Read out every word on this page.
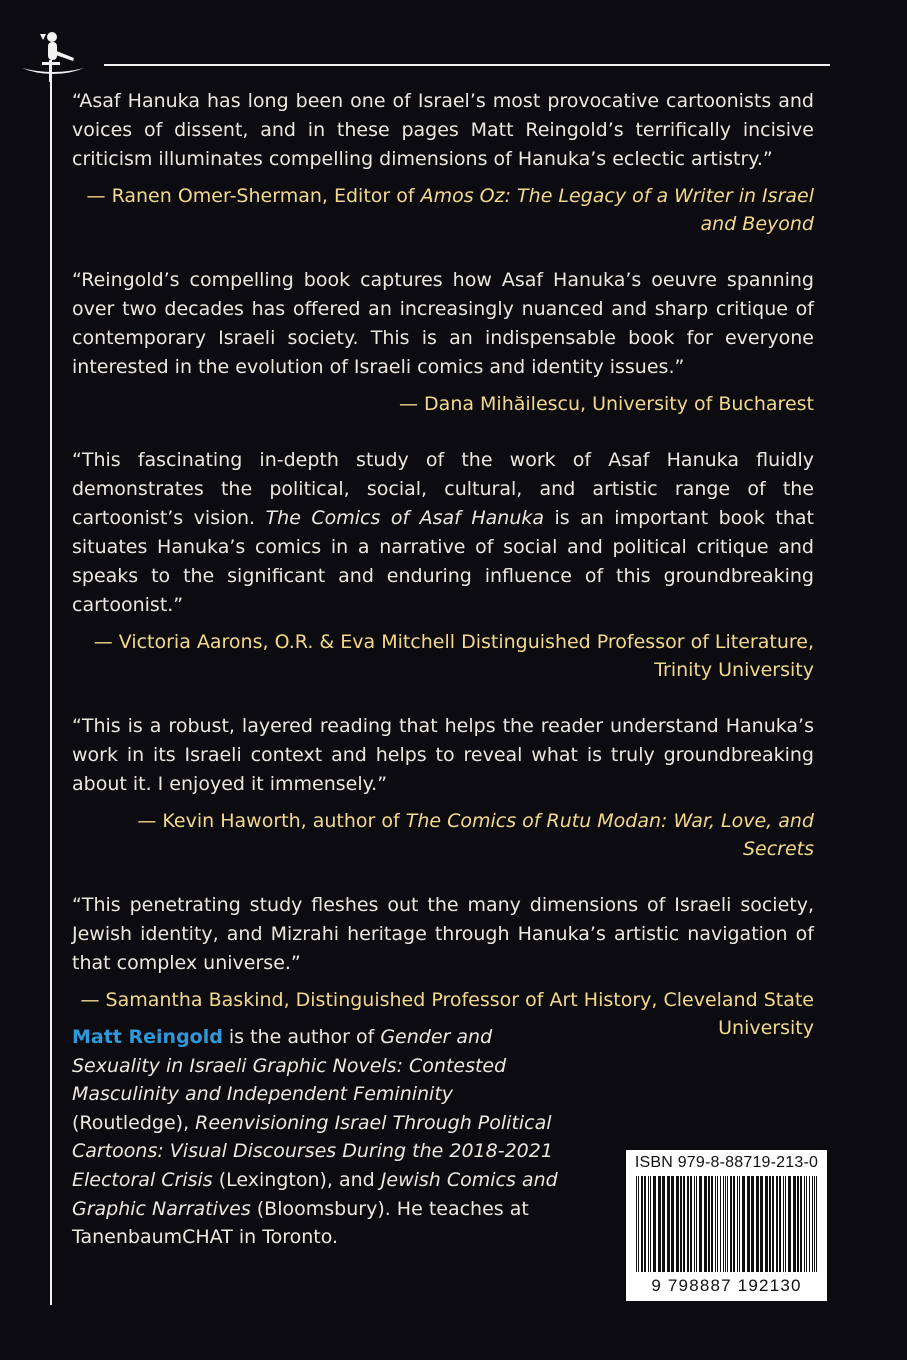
“Asaf Hanuka has long been one of Israel’s most provocative cartoonists and voices of dissent, and in these pages Matt Reingold’s terrifically incisive criticism illuminates compelling dimensions of Hanuka’s eclectic artistry.”

— Ranen Omer-Sherman, Editor of Amos Oz: The Legacy of a Writer in Israel and Beyond

“Reingold’s compelling book captures how Asaf Hanuka’s oeuvre spanning over two decades has offered an increasingly nuanced and sharp critique of contemporary Israeli society. This is an indispensable book for everyone interested in the evolution of Israeli comics and identity issues.”

— Dana Mihăilescu, University of Bucharest

“This fascinating in-depth study of the work of Asaf Hanuka fluidly demonstrates the political, social, cultural, and artistic range of the cartoonist’s vision. The Comics of Asaf Hanuka is an important book that situates Hanuka’s comics in a narrative of social and political critique and speaks to the significant and enduring influence of this groundbreaking cartoonist.”

— Victoria Aarons, O.R. & Eva Mitchell Distinguished Professor of Literature, Trinity University

“This is a robust, layered reading that helps the reader understand Hanuka’s work in its Israeli context and helps to reveal what is truly groundbreaking about it. I enjoyed it immensely.”

— Kevin Haworth, author of The Comics of Rutu Modan: War, Love, and Secrets

“This penetrating study fleshes out the many dimensions of Israeli society, Jewish identity, and Mizrahi heritage through Hanuka’s artistic navigation of that complex universe.”

— Samantha Baskind, Distinguished Professor of Art History, Cleveland State University

Matt Reingold is the author of Gender and Sexuality in Israeli Graphic Novels: Contested Masculinity and Independent Femininity (Routledge), Reenvisioning Israel Through Political Cartoons: Visual Discourses During the 2018-2021 Electoral Crisis (Lexington), and Jewish Comics and Graphic Narratives (Bloomsbury). He teaches at TanenbaumCHAT in Toronto.

ISBN 979-8-88719-213-0
9 798887 192130
